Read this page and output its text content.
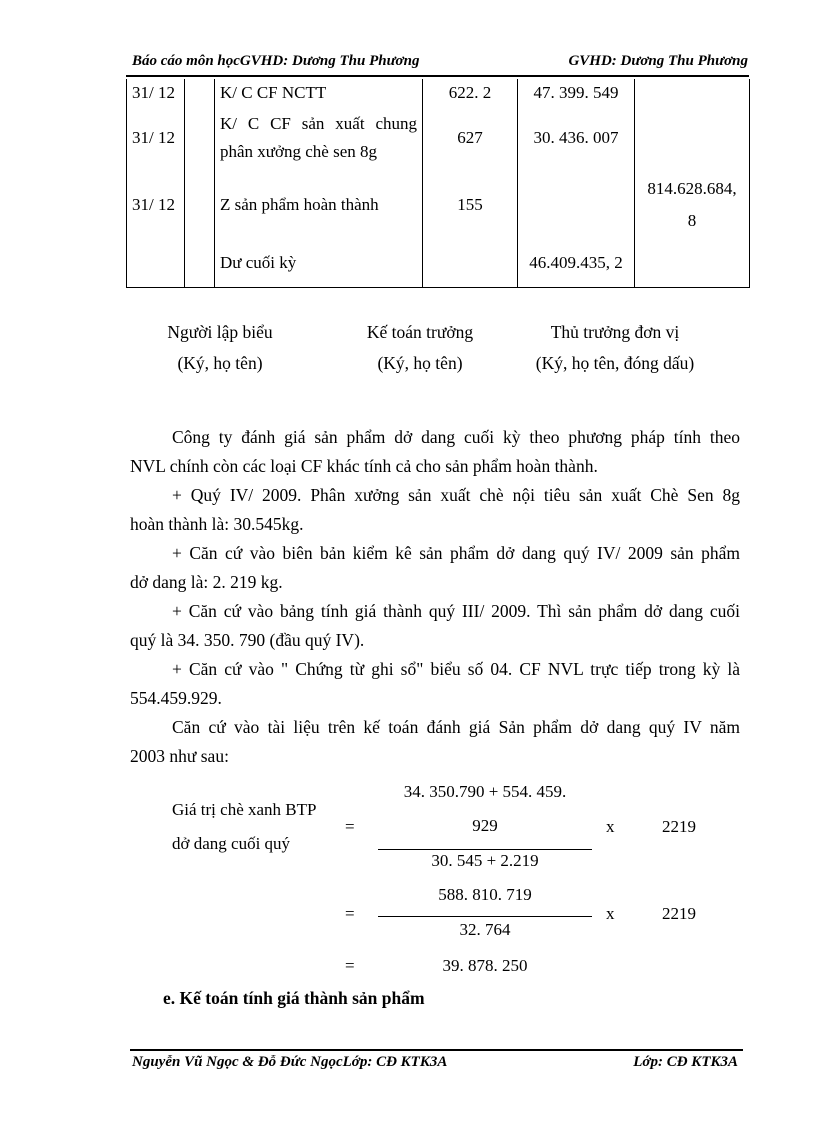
Báo cáo môn họcGVHD: Dương Thu Phương	GVHD: Dương Thu Phương
31/ 12		K/ C CF NCTT	622. 2	47. 399. 549	
31/ 12		K/ C CF sản xuất chung
phân xưởng chè sen 8g	627	30. 436. 007	
31/ 12		Z sản phẩm hoàn thành	155		814.628.684,
8

		Dư cuối kỳ		46.409.435, 2	
Người lập biểu
(Ký, họ tên)
Kế toán trưởng
(Ký, họ tên)
Thủ trưởng đơn vị
(Ký, họ tên, đóng dấu)
Công ty đánh giá sản phẩm dở dang cuối kỳ theo phương pháp tính theo
NVL chính còn các loại CF khác tính cả cho sản phẩm hoàn thành.
+ Quý IV/ 2009. Phân xưởng sản xuất chè nội tiêu sản xuất Chè Sen 8g
hoàn thành là: 30.545kg.
+ Căn cứ vào biên bản kiểm kê sản phẩm dở dang quý IV/ 2009 sản phẩm
dở dang là: 2. 219 kg.
+ Căn cứ vào bảng tính giá thành quý III/ 2009. Thì sản phẩm dở dang cuối
quý là 34. 350. 790 (đầu quý IV).
+ Căn cứ vào " Chứng từ ghi sổ" biểu số 04. CF NVL trực tiếp trong kỳ là
554.459.929.
Căn cứ vào tài liệu trên kế toán đánh giá Sản phẩm dở dang quý IV năm
2003 như sau:
Giá trị chè xanh BTP
dở dang cuối quý
=
34. 350.790 + 554. 459.
929
30. 545 + 2.219
x	2219
=
588. 810. 719
32. 764
x	2219
=	39. 878. 250
e. Kế toán tính giá thành sản phẩm
Nguyễn Vũ Ngọc & Đỗ Đức NgọcLớp: CĐ KTK3A	Lớp: CĐ KTK3A
